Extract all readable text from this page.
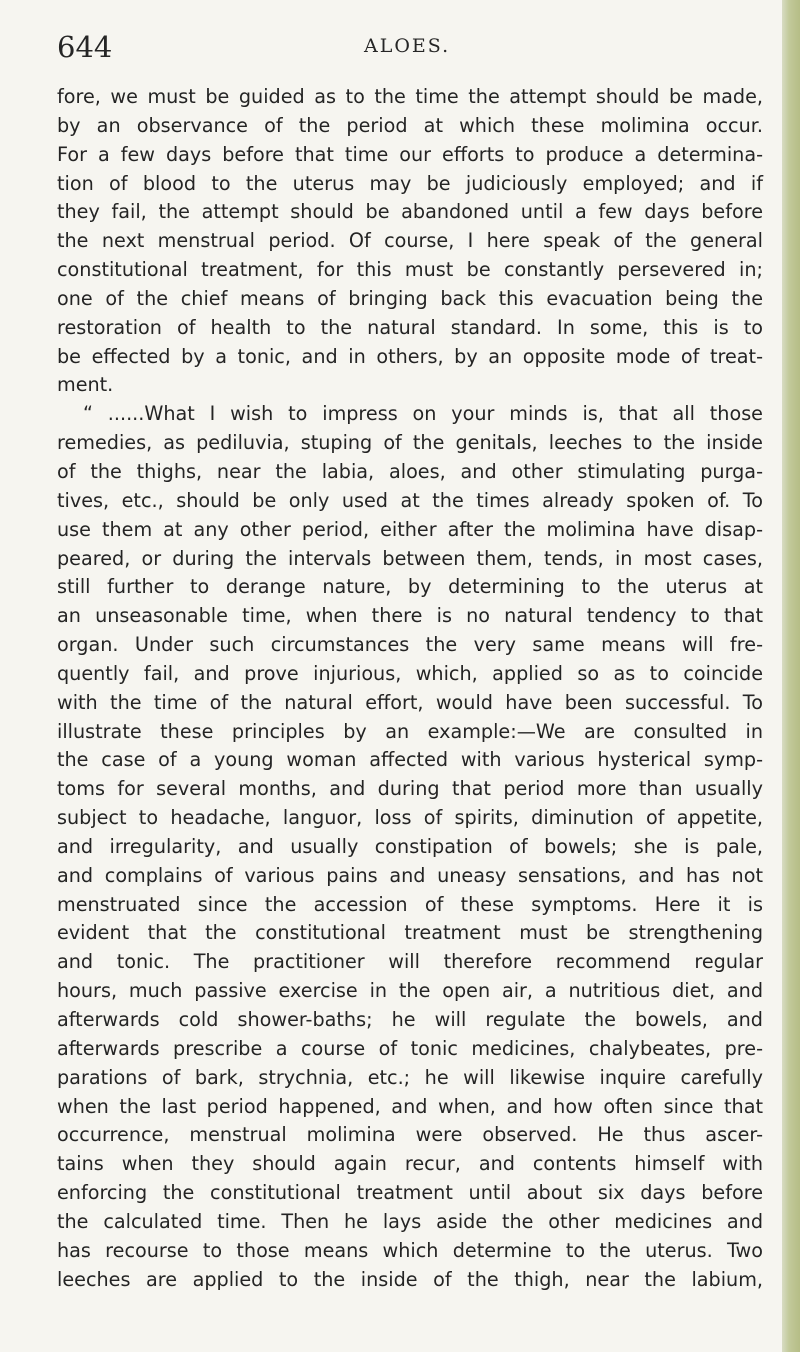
644	ALOES.
fore, we must be guided as to the time the attempt should be made,
by an observance of the period at which these molimina occur.
For a few days before that time our efforts to produce a determina-
tion of blood to the uterus may be judiciously employed; and if
they fail, the attempt should be abandoned until a few days before
the next menstrual period. Of course, I here speak of the general
constitutional treatment, for this must be constantly persevered in;
one of the chief means of bringing back this evacuation being the
restoration of health to the natural standard. In some, this is to
be effected by a tonic, and in others, by an opposite mode of treat-
ment.
“ ......What I wish to impress on your minds is, that all those
remedies, as pediluvia, stuping of the genitals, leeches to the inside
of the thighs, near the labia, aloes, and other stimulating purga-
tives, etc., should be only used at the times already spoken of. To
use them at any other period, either after the molimina have disap-
peared, or during the intervals between them, tends, in most cases,
still further to derange nature, by determining to the uterus at
an unseasonable time, when there is no natural tendency to that
organ. Under such circumstances the very same means will fre-
quently fail, and prove injurious, which, applied so as to coincide
with the time of the natural effort, would have been successful. To
illustrate these principles by an example:—We are consulted in
the case of a young woman affected with various hysterical symp-
toms for several months, and during that period more than usually
subject to headache, languor, loss of spirits, diminution of appetite,
and irregularity, and usually constipation of bowels; she is pale,
and complains of various pains and uneasy sensations, and has not
menstruated since the accession of these symptoms. Here it is
evident that the constitutional treatment must be strengthening
and tonic. The practitioner will therefore recommend regular
hours, much passive exercise in the open air, a nutritious diet, and
afterwards cold shower-baths; he will regulate the bowels, and
afterwards prescribe a course of tonic medicines, chalybeates, pre-
parations of bark, strychnia, etc.; he will likewise inquire carefully
when the last period happened, and when, and how often since that
occurrence, menstrual molimina were observed. He thus ascer-
tains when they should again recur, and contents himself with
enforcing the constitutional treatment until about six days before
the calculated time. Then he lays aside the other medicines and
has recourse to those means which determine to the uterus. Two
leeches are applied to the inside of the thigh, near the labium,
